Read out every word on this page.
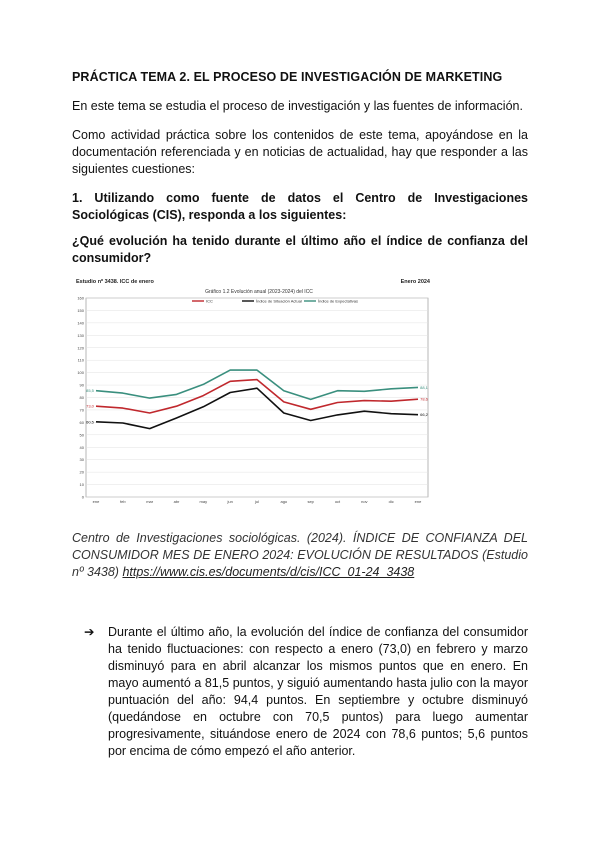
PRÁCTICA TEMA 2. EL PROCESO DE INVESTIGACIÓN DE MARKETING
En este tema se estudia el proceso de investigación y las fuentes de información.
Como actividad práctica sobre los contenidos de este tema, apoyándose en la documentación referenciada y en noticias de actualidad, hay que responder a las siguientes cuestiones:
1. Utilizando como fuente de datos el Centro de Investigaciones Sociológicas (CIS), responda a los siguientes:
¿Qué evolución ha tenido durante el último año el índice de confianza del consumidor?
Estudio nº 3438. ICC de enero	Enero 2024
Gráfico 1.2 Evolución anual (2023-2024) del ICC
ICC	Índice de Situación Actual	Índice de Expectativas
0
10
20
30
40
50
60
70
80
90
100
110
120
130
140
150
160
ene	feb	mar	abr	may	jun	jul	ago	sep	oct	nov	dic	ene
73,0
78,6
60,5
66,2
85,5
88,1
Centro de Investigaciones sociológicas. (2024). ÍNDICE DE CONFIANZA DEL CONSUMIDOR MES DE ENERO 2024: EVOLUCIÓN DE RESULTADOS (Estudio nº 3438) https://www.cis.es/documents/d/cis/ICC_01-24_3438
➔ Durante el último año, la evolución del índice de confianza del consumidor ha tenido fluctuaciones: con respecto a enero (73,0) en febrero y marzo disminuyó para en abril alcanzar los mismos puntos que en enero. En mayo aumentó a 81,5 puntos, y siguió aumentando hasta julio con la mayor puntuación del año: 94,4 puntos. En septiembre y octubre disminuyó (quedándose en octubre con 70,5 puntos) para luego aumentar progresivamente, situándose enero de 2024 con 78,6 puntos; 5,6 puntos por encima de cómo empezó el año anterior.
